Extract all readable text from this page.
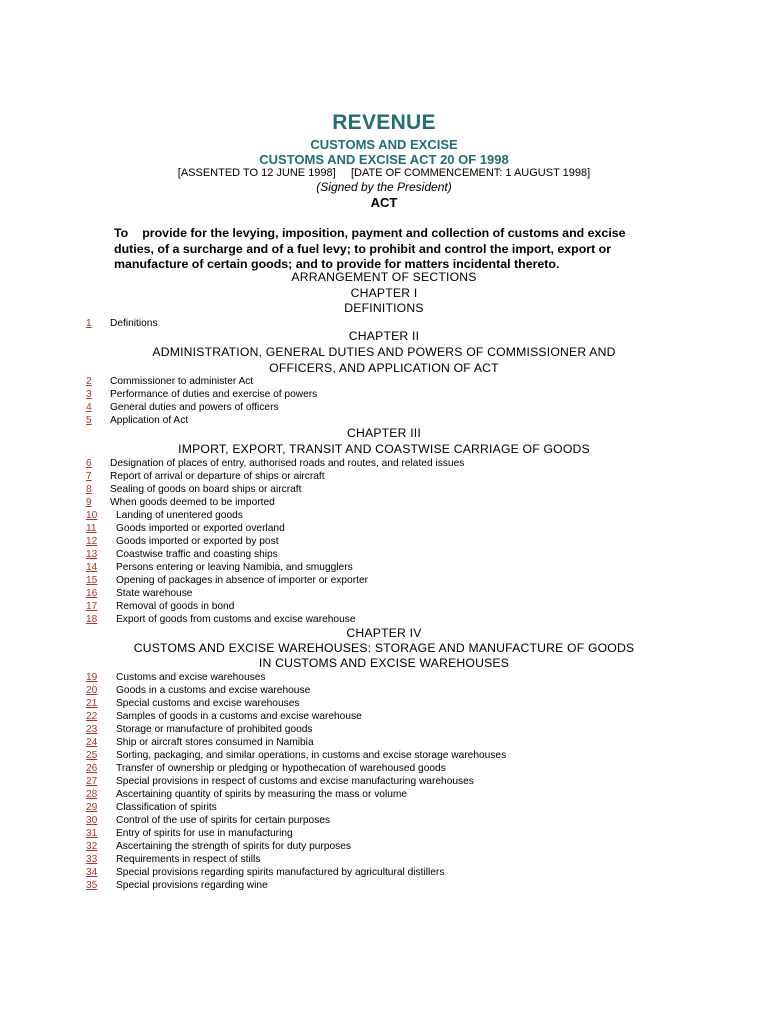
REVENUE
CUSTOMS AND EXCISE
CUSTOMS AND EXCISE ACT 20 OF 1998
[ASSENTED TO 12 JUNE 1998]     [DATE OF COMMENCEMENT: 1 AUGUST 1998]
(Signed by the President)
ACT
To provide for the levying, imposition, payment and collection of customs and excise duties, of a surcharge and of a fuel levy; to prohibit and control the import, export or manufacture of certain goods; and to provide for matters incidental thereto.
ARRANGEMENT OF SECTIONS
CHAPTER I
DEFINITIONS
1 Definitions
CHAPTER II
ADMINISTRATION, GENERAL DUTIES AND POWERS OF COMMISSIONER AND
OFFICERS, AND APPLICATION OF ACT
2 Commissioner to administer Act
3 Performance of duties and exercise of powers
4 General duties and powers of officers
5 Application of Act
CHAPTER III
IMPORT, EXPORT, TRANSIT AND COASTWISE CARRIAGE OF GOODS
6 Designation of places of entry, authorised roads and routes, and related issues
7 Report of arrival or departure of ships or aircraft
8 Sealing of goods on board ships or aircraft
9 When goods deemed to be imported
10 Landing of unentered goods
11 Goods imported or exported overland
12 Goods imported or exported by post
13 Coastwise traffic and coasting ships
14 Persons entering or leaving Namibia, and smugglers
15 Opening of packages in absence of importer or exporter
16 State warehouse
17 Removal of goods in bond
18 Export of goods from customs and excise warehouse
CHAPTER IV
CUSTOMS AND EXCISE WAREHOUSES: STORAGE AND MANUFACTURE OF GOODS
IN CUSTOMS AND EXCISE WAREHOUSES
19 Customs and excise warehouses
20 Goods in a customs and excise warehouse
21 Special customs and excise warehouses
22 Samples of goods in a customs and excise warehouse
23 Storage or manufacture of prohibited goods
24 Ship or aircraft stores consumed in Namibia
25 Sorting, packaging, and similar operations, in customs and excise storage warehouses
26 Transfer of ownership or pledging or hypothecation of warehoused goods
27 Special provisions in respect of customs and excise manufacturing warehouses
28 Ascertaining quantity of spirits by measuring the mass or volume
29 Classification of spirits
30 Control of the use of spirits for certain purposes
31 Entry of spirits for use in manufacturing
32 Ascertaining the strength of spirits for duty purposes
33 Requirements in respect of stills
34 Special provisions regarding spirits manufactured by agricultural distillers
35 Special provisions regarding wine
